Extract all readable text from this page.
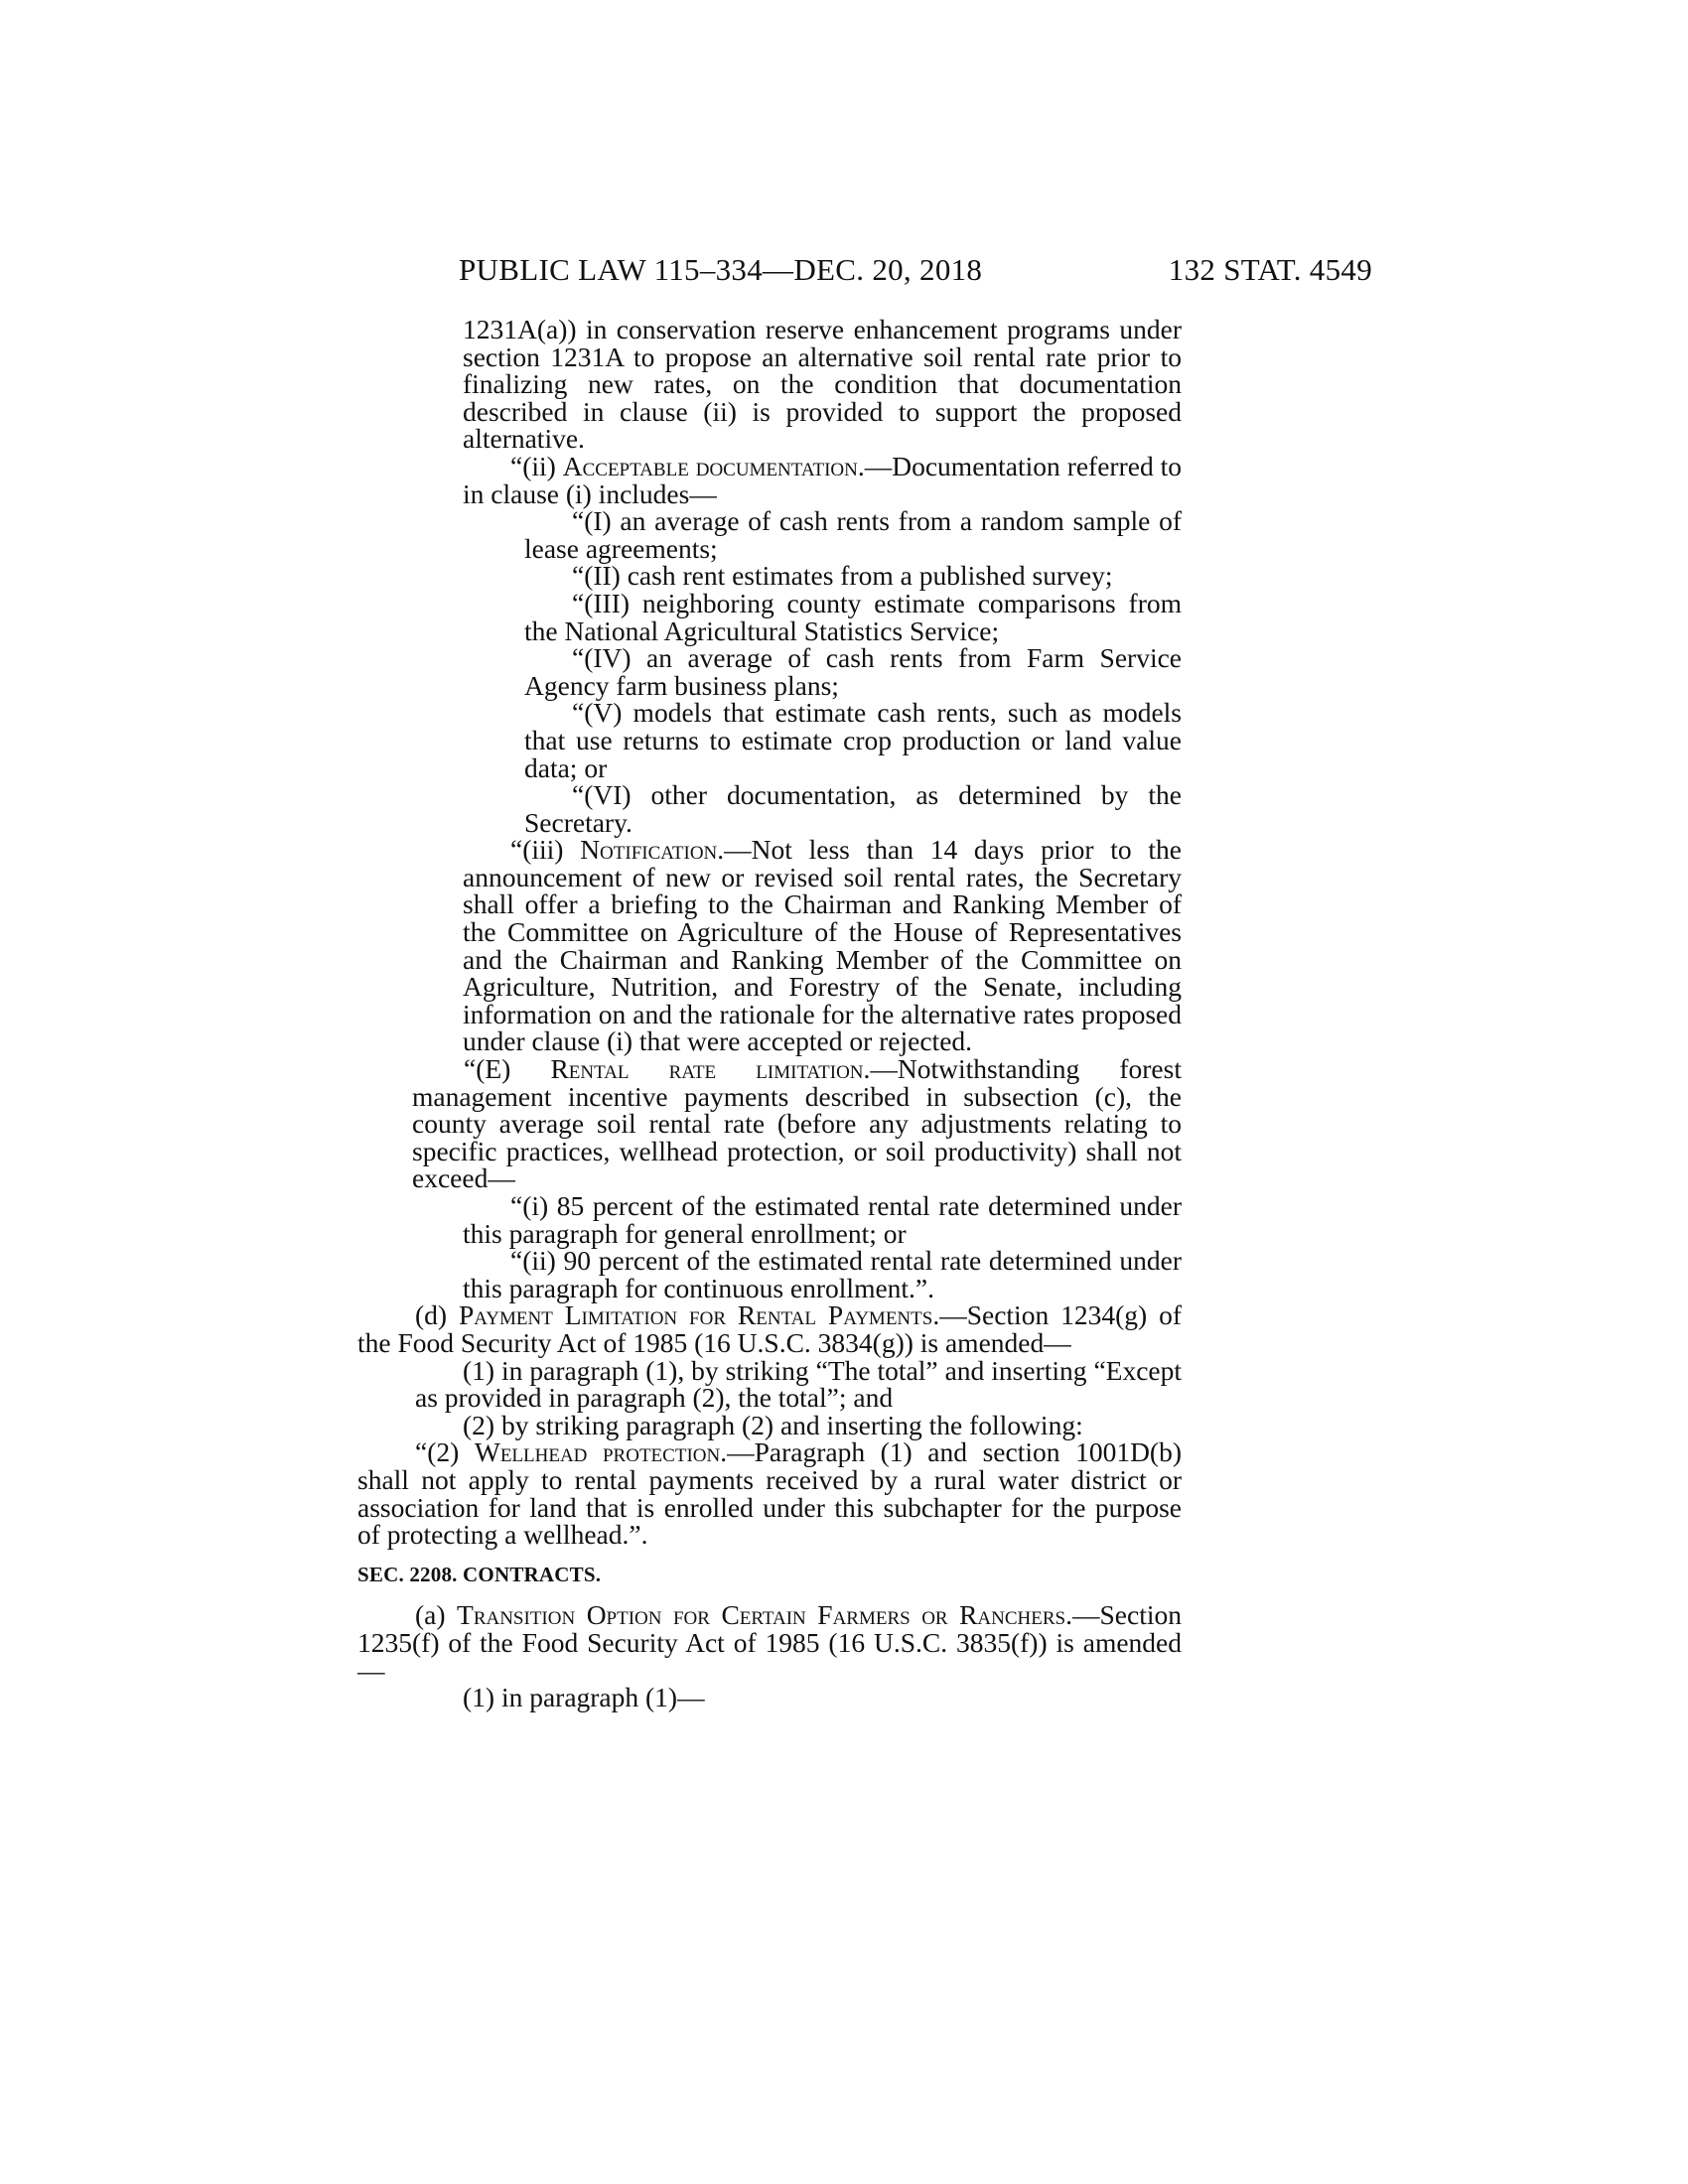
PUBLIC LAW 115–334—DEC. 20, 2018	132 STAT. 4549

1231A(a)) in conservation reserve enhancement programs under section 1231A to propose an alternative soil rental rate prior to finalizing new rates, on the condition that documentation described in clause (ii) is provided to support the proposed alternative.

“(ii) Acceptable documentation.—Documentation referred to in clause (i) includes—

“(I) an average of cash rents from a random sample of lease agreements;

“(II) cash rent estimates from a published survey;

“(III) neighboring county estimate comparisons from the National Agricultural Statistics Service;

“(IV) an average of cash rents from Farm Service Agency farm business plans;

“(V) models that estimate cash rents, such as models that use returns to estimate crop production or land value data; or

“(VI) other documentation, as determined by the Secretary.

“(iii) Notification.—Not less than 14 days prior to the announcement of new or revised soil rental rates, the Secretary shall offer a briefing to the Chairman and Ranking Member of the Committee on Agriculture of the House of Representatives and the Chairman and Ranking Member of the Committee on Agriculture, Nutrition, and Forestry of the Senate, including information on and the rationale for the alternative rates proposed under clause (i) that were accepted or rejected.

“(E) Rental rate limitation.—Notwithstanding forest management incentive payments described in subsection (c), the county average soil rental rate (before any adjustments relating to specific practices, wellhead protection, or soil productivity) shall not exceed—

“(i) 85 percent of the estimated rental rate determined under this paragraph for general enrollment; or

“(ii) 90 percent of the estimated rental rate determined under this paragraph for continuous enrollment.”.

(d) Payment Limitation for Rental Payments.—Section 1234(g) of the Food Security Act of 1985 (16 U.S.C. 3834(g)) is amended—

(1) in paragraph (1), by striking “The total” and inserting “Except as provided in paragraph (2), the total”; and

(2) by striking paragraph (2) and inserting the following:

“(2) Wellhead protection.—Paragraph (1) and section 1001D(b) shall not apply to rental payments received by a rural water district or association for land that is enrolled under this subchapter for the purpose of protecting a wellhead.”.

SEC. 2208. CONTRACTS.

(a) Transition Option for Certain Farmers or Ranchers.—Section 1235(f) of the Food Security Act of 1985 (16 U.S.C. 3835(f)) is amended—

(1) in paragraph (1)—
